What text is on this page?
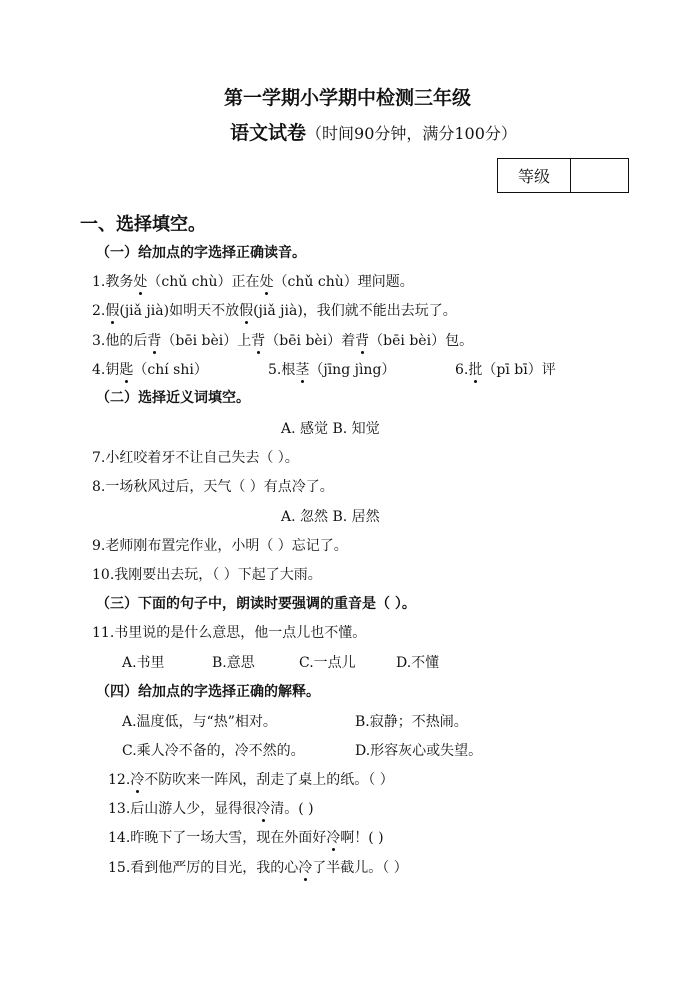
第一学期小学期中检测三年级
语文试卷（时间90分钟，满分100分）
等级
一、选择填空。
（一）给加点的字选择正确读音。
1.教务处（chǔ chù）正在处（chǔ chù）理问题。
2.假(jiǎ jià)如明天不放假(jiǎ jià)，我们就不能出去玩了。
3.他的后背（bēi bèi）上背（bēi bèi）着背（bēi bèi）包。
4.钥匙（chí shi）	5.根茎（jīng jìng）	6.批（pī bī）评
（二）选择近义词填空。
A. 感觉 B. 知觉
7.小红咬着牙不让自己失去（ ）。
8.一场秋风过后，天气（ ）有点冷了。
A. 忽然 B. 居然
9.老师刚布置完作业，小明（ ）忘记了。
10.我刚要出去玩，（ ）下起了大雨。
（三）下面的句子中，朗读时要强调的重音是（ ）。
11.书里说的是什么意思，他一点儿也不懂。
A.书里	B.意思	C.一点儿	D.不懂
（四）给加点的字选择正确的解释。
A.温度低，与“热”相对。	B.寂静；不热闹。
C.乘人冷不备的，冷不然的。	D.形容灰心或失望。
12.冷不防吹来一阵风，刮走了桌上的纸。（ ）
13.后山游人少，显得很冷清。( )
14.昨晚下了一场大雪，现在外面好冷啊！( )
15.看到他严厉的目光，我的心冷了半截儿。（ ）
